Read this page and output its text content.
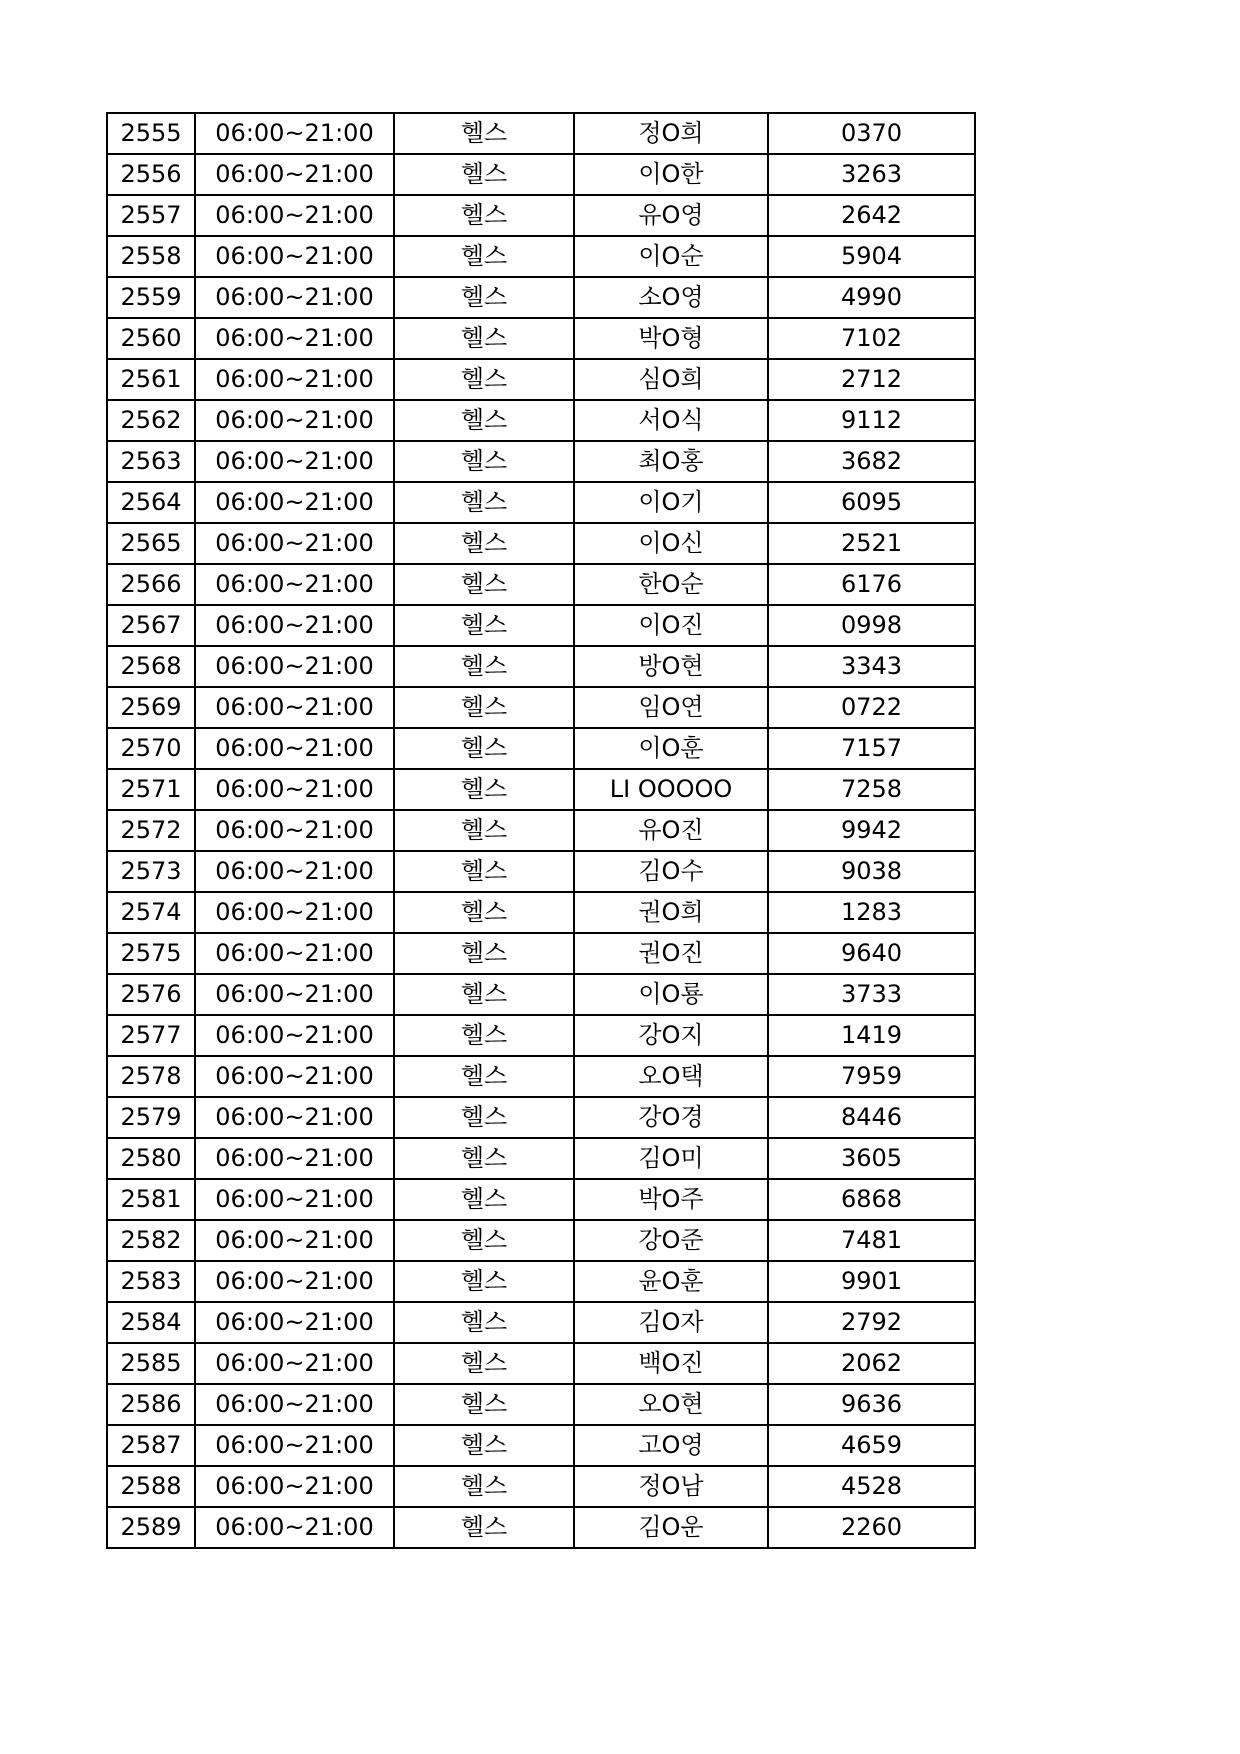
2555	06:00~21:00	헬스	정O희	0370
2556	06:00~21:00	헬스	이O한	3263
2557	06:00~21:00	헬스	유O영	2642
2558	06:00~21:00	헬스	이O순	5904
2559	06:00~21:00	헬스	소O영	4990
2560	06:00~21:00	헬스	박O형	7102
2561	06:00~21:00	헬스	심O희	2712
2562	06:00~21:00	헬스	서O식	9112
2563	06:00~21:00	헬스	최O홍	3682
2564	06:00~21:00	헬스	이O기	6095
2565	06:00~21:00	헬스	이O신	2521
2566	06:00~21:00	헬스	한O순	6176
2567	06:00~21:00	헬스	이O진	0998
2568	06:00~21:00	헬스	방O현	3343
2569	06:00~21:00	헬스	임O연	0722
2570	06:00~21:00	헬스	이O훈	7157
2571	06:00~21:00	헬스	LI OOOOO	7258
2572	06:00~21:00	헬스	유O진	9942
2573	06:00~21:00	헬스	김O수	9038
2574	06:00~21:00	헬스	권O희	1283
2575	06:00~21:00	헬스	권O진	9640
2576	06:00~21:00	헬스	이O룡	3733
2577	06:00~21:00	헬스	강O지	1419
2578	06:00~21:00	헬스	오O택	7959
2579	06:00~21:00	헬스	강O경	8446
2580	06:00~21:00	헬스	김O미	3605
2581	06:00~21:00	헬스	박O주	6868
2582	06:00~21:00	헬스	강O준	7481
2583	06:00~21:00	헬스	윤O훈	9901
2584	06:00~21:00	헬스	김O자	2792
2585	06:00~21:00	헬스	백O진	2062
2586	06:00~21:00	헬스	오O현	9636
2587	06:00~21:00	헬스	고O영	4659
2588	06:00~21:00	헬스	정O남	4528
2589	06:00~21:00	헬스	김O운	2260
